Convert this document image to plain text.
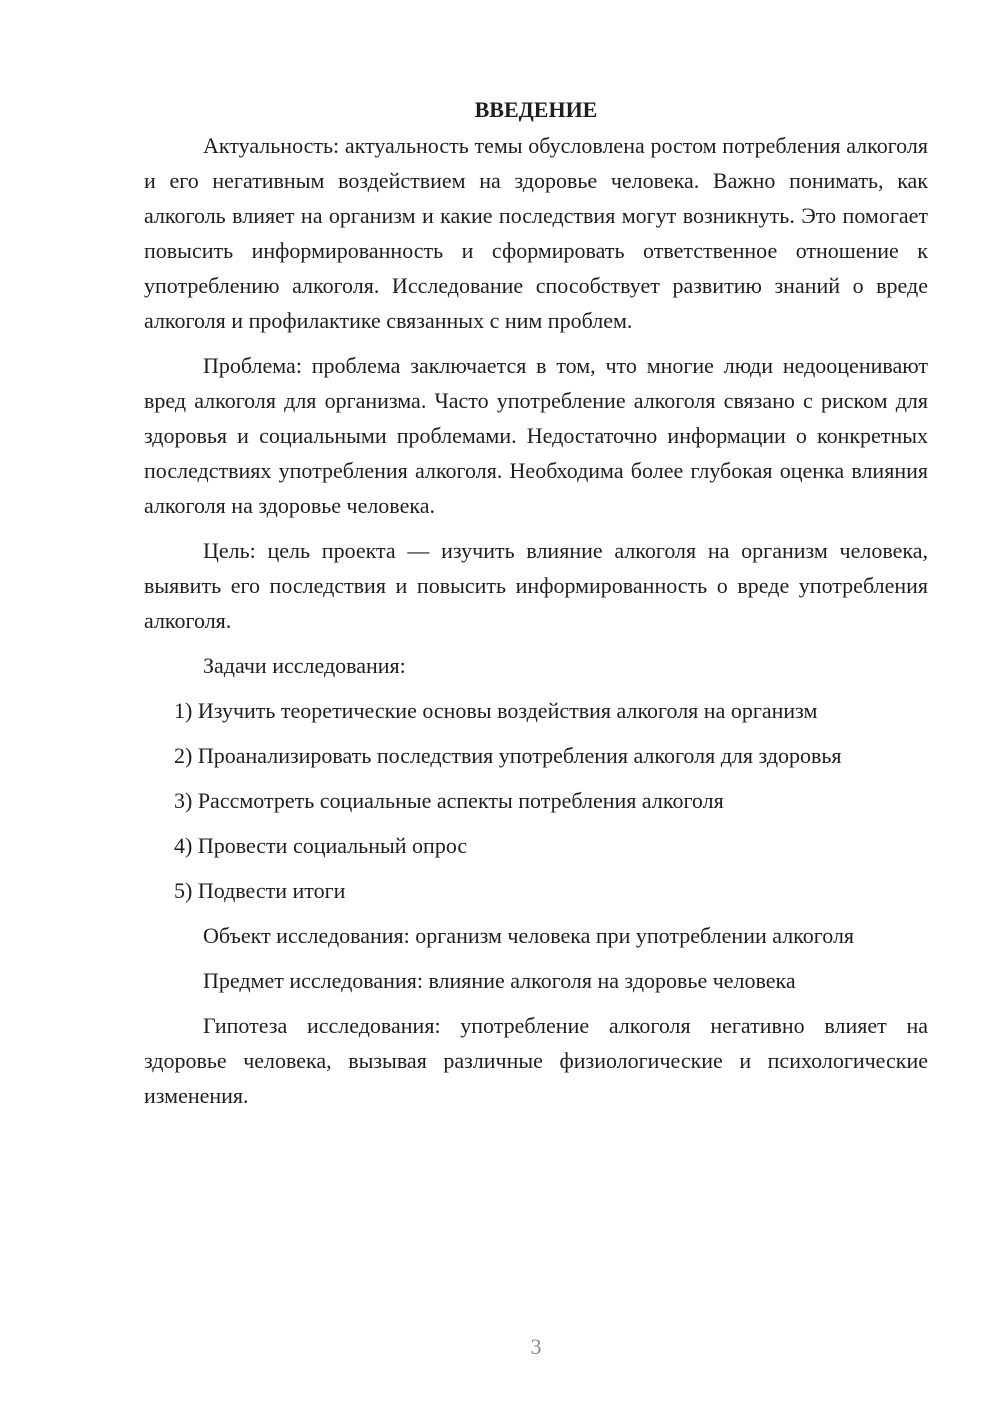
ВВЕДЕНИЕ

Актуальность: актуальность темы обусловлена ростом потребления алкоголя и его негативным воздействием на здоровье человека. Важно понимать, как алкоголь влияет на организм и какие последствия могут возникнуть. Это помогает повысить информированность и сформировать ответственное отношение к употреблению алкоголя. Исследование способствует развитию знаний о вреде алкоголя и профилактике связанных с ним проблем.

Проблема: проблема заключается в том, что многие люди недооценивают вред алкоголя для организма. Часто употребление алкоголя связано с риском для здоровья и социальными проблемами. Недостаточно информации о конкретных последствиях употребления алкоголя. Необходима более глубокая оценка влияния алкоголя на здоровье человека.

Цель: цель проекта — изучить влияние алкоголя на организм человека, выявить его последствия и повысить информированность о вреде употребления алкоголя.

Задачи исследования:

1) Изучить теоретические основы воздействия алкоголя на организм

2) Проанализировать последствия употребления алкоголя для здоровья

3) Рассмотреть социальные аспекты потребления алкоголя

4) Провести социальный опрос

5) Подвести итоги

Объект исследования: организм человека при употреблении алкоголя

Предмет исследования: влияние алкоголя на здоровье человека

Гипотеза исследования: употребление алкоголя негативно влияет на здоровье человека, вызывая различные физиологические и психологические изменения.

3
